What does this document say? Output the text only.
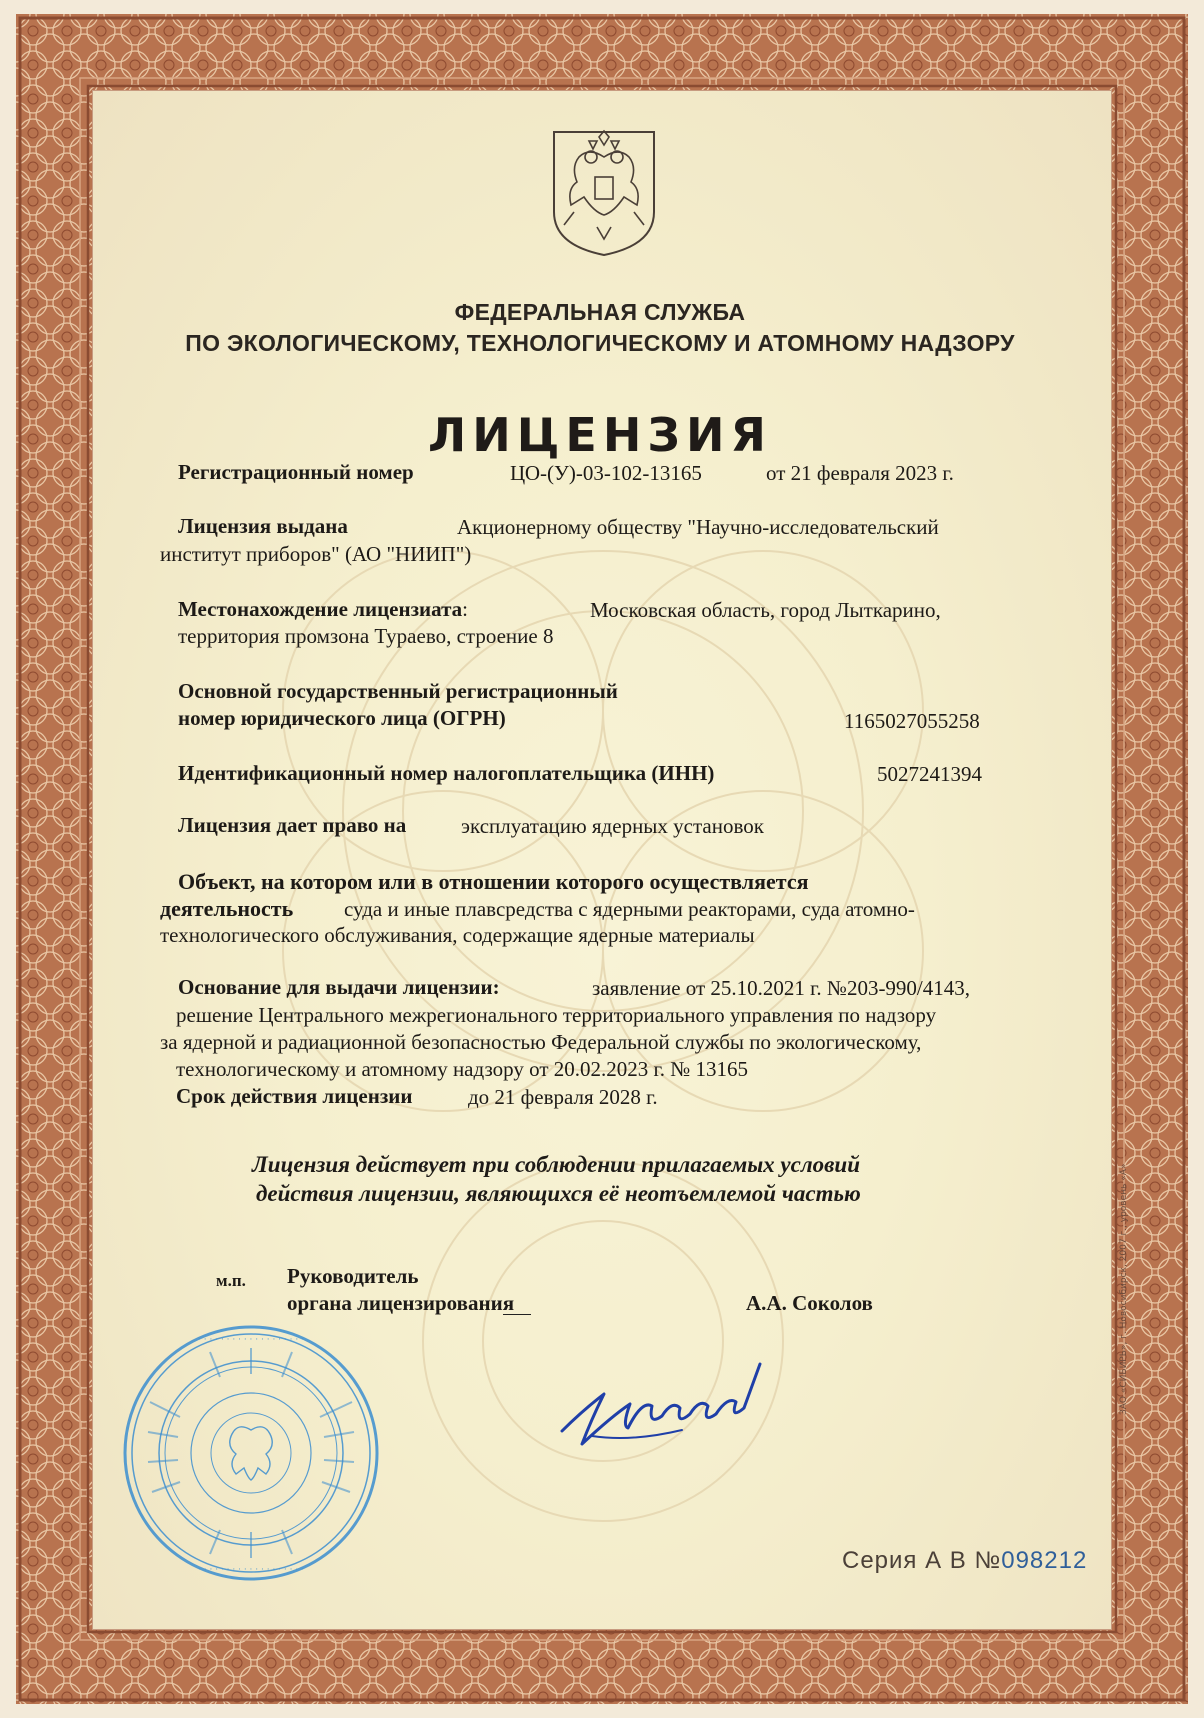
ФЕДЕРАЛЬНАЯ СЛУЖБА
ПО ЭКОЛОГИЧЕСКОМУ, ТЕХНОЛОГИЧЕСКОМУ И АТОМНОМУ НАДЗОРУ
ЛИЦЕНЗИЯ
Регистрационный номер	ЦО-(У)-03-102-13165	от 21 февраля 2023 г.
Лицензия выдана	Акционерному обществу "Научно-исследовательский
институт приборов" (АО "НИИП")
Местонахождение лицензиата:	Московская область, город Лыткарино,
территория промзона Тураево, строение 8
Основной государственный регистрационный
номер юридического лица (ОГРН)	1165027055258
Идентификационный номер налогоплательщика (ИНН)	5027241394
Лицензия дает право на	эксплуатацию ядерных установок
Объект, на котором или в отношении которого осуществляется
деятельность суда и иные плавсредства с ядерными реакторами, суда атомно-
технологического обслуживания, содержащие ядерные материалы
Основание для выдачи лицензии:	заявление от 25.10.2021 г. №203-990/4143,
решение Центрального межрегионального территориального управления по надзору
за ядерной и радиационной безопасностью Федеральной службы по экологическому,
технологическому и атомному надзору от 20.02.2023 г. № 13165
Срок действия лицензии	до 21 февраля 2028 г.
Лицензия действует при соблюдении прилагаемых условий
действия лицензии, являющихся её неотъемлемой частью
· · · · · · · · · · · · · · · · · · ·
· · · · · · · · · · · · · · · · · · ·
м.п. Руководитель
органа лицензирования	А.А. Соколов
Серия А В №098212
ЗАО «СИБИРЬ», г. Новосибирск, 2007 г., уровень «А»
